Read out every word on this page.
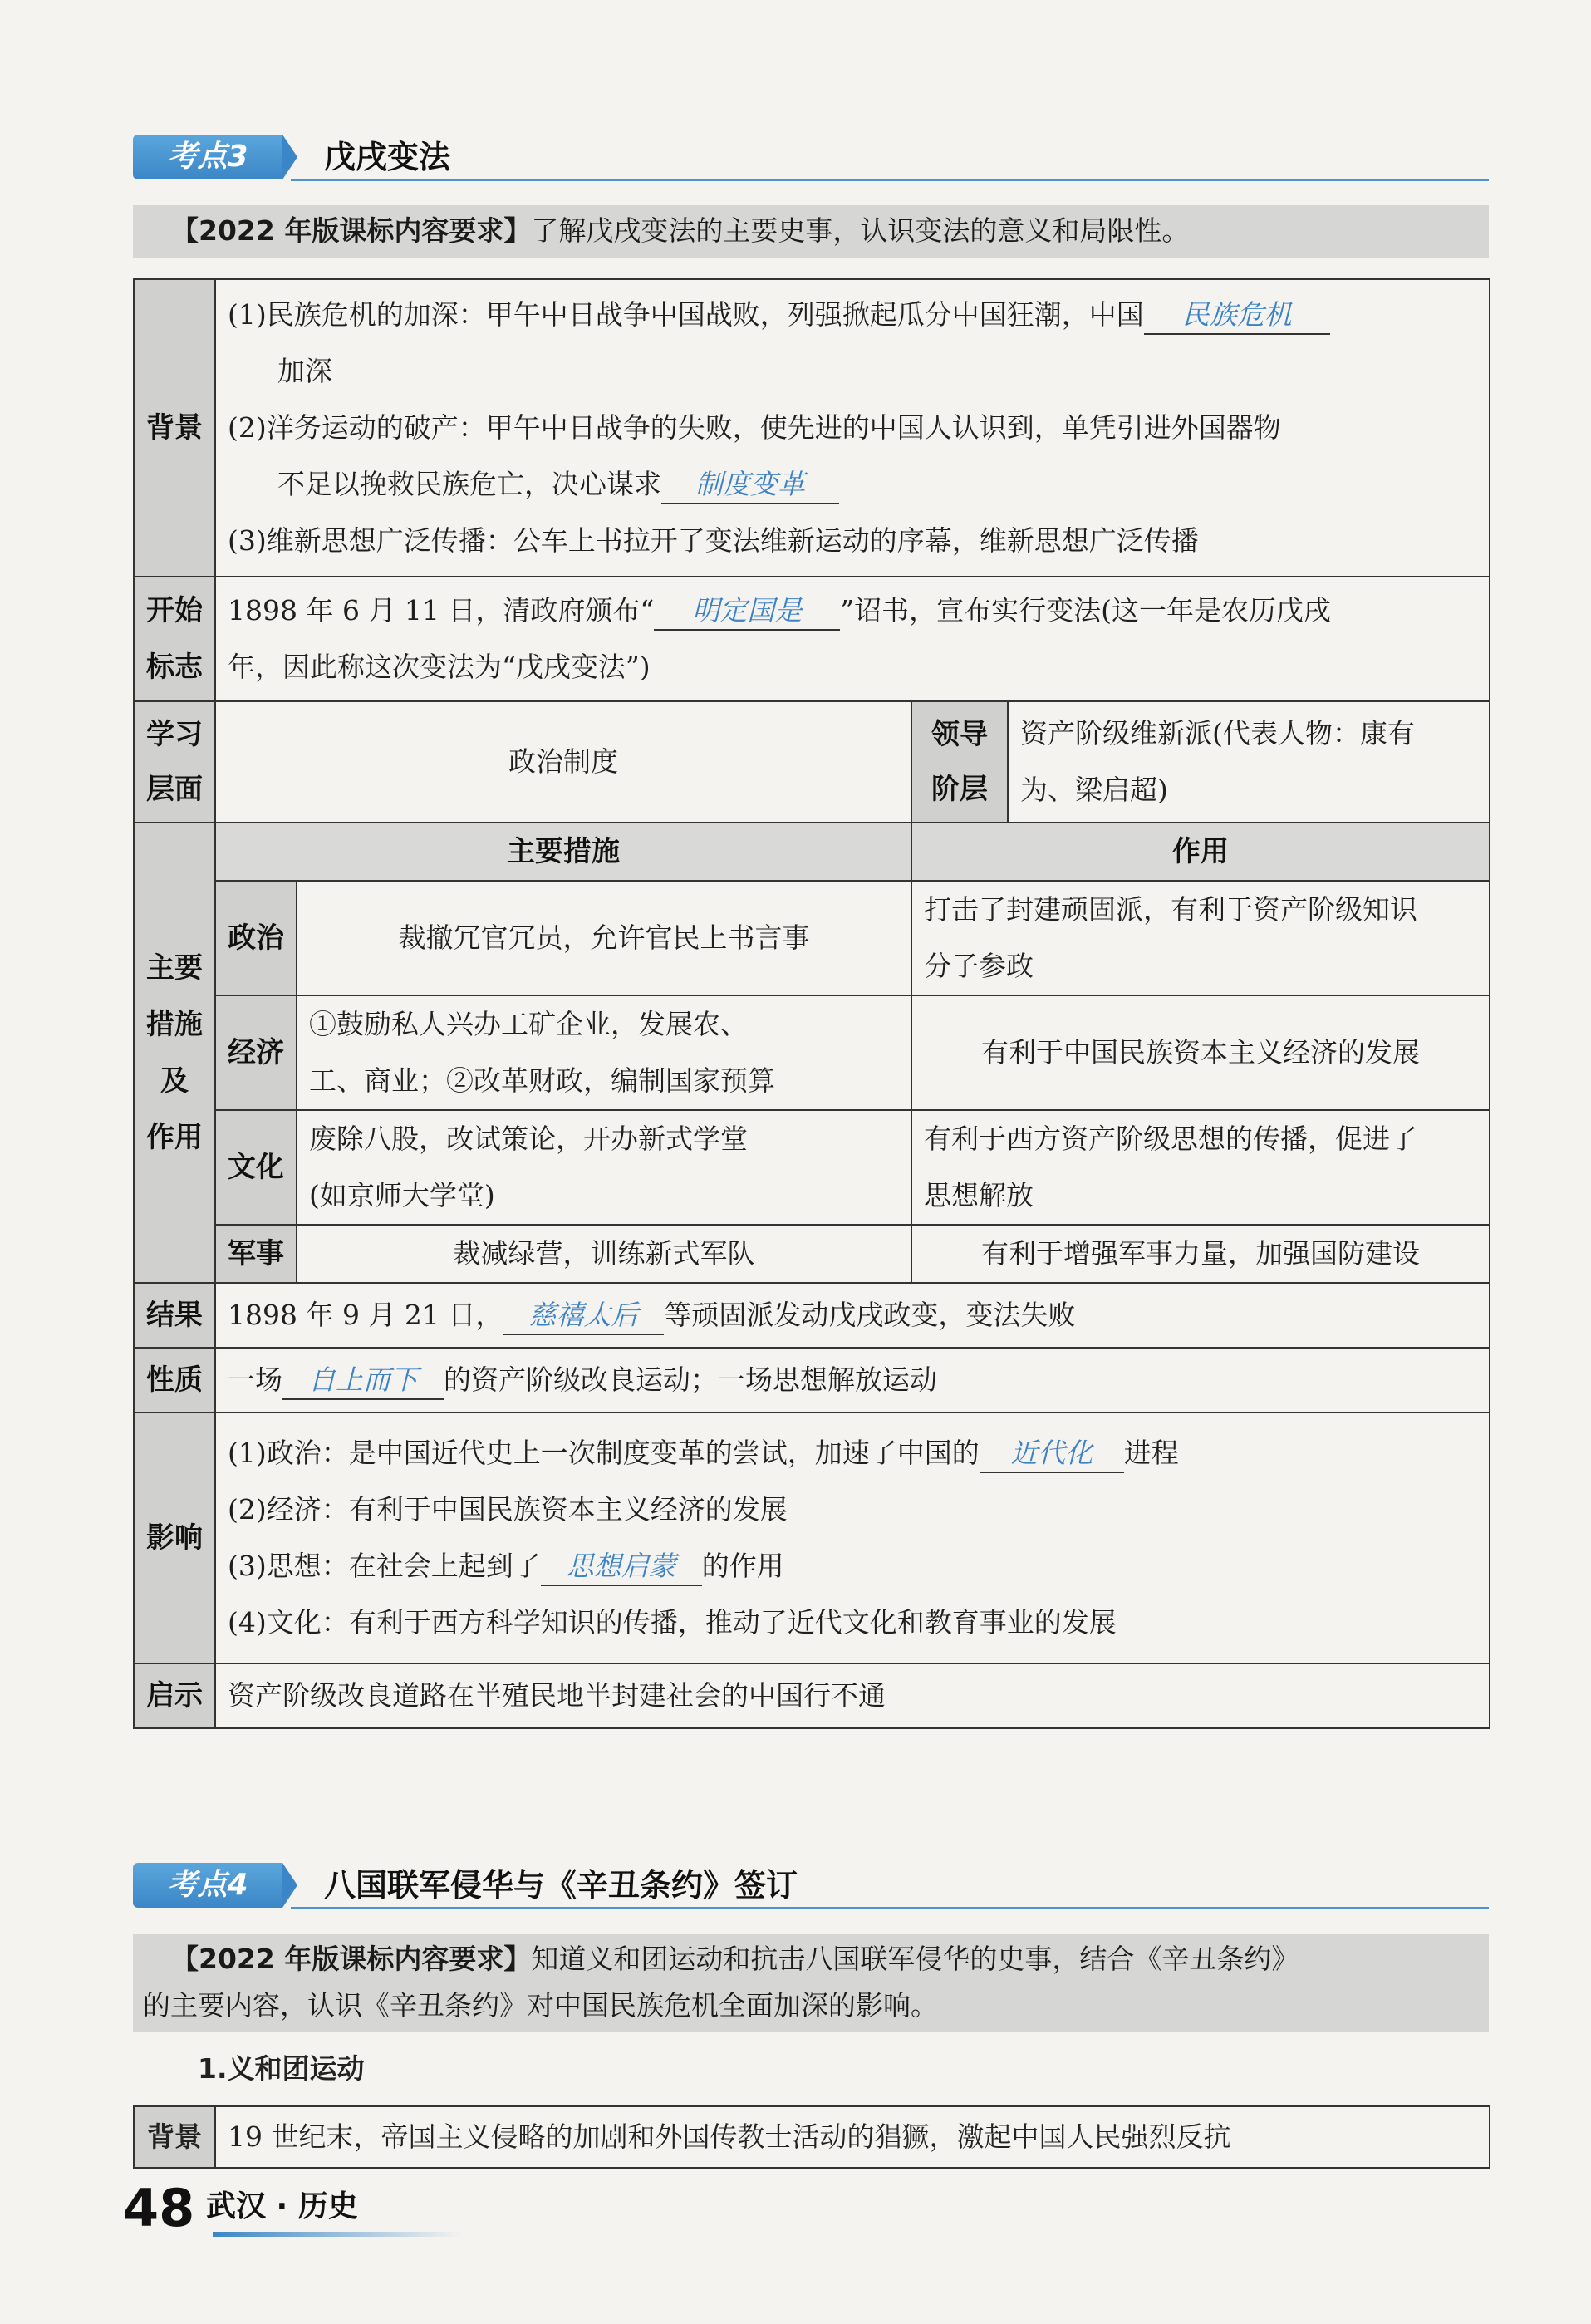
考点3	戊戌变法
【2022 年版课标内容要求】了解戊戌变法的主要史事，认识变法的意义和局限性。
背景	(1)民族危机的加深：甲午中日战争中国战败，列强掀起瓜分中国狂潮，中国 民族危机
加深
(2)洋务运动的破产：甲午中日战争的失败，使先进的中国人认识到，单凭引进外国器物
不足以挽救民族危亡，决心谋求 制度变革
(3)维新思想广泛传播：公车上书拉开了变法维新运动的序幕，维新思想广泛传播			

开始
标志	1898 年 6 月 11 日，清政府颁布“ 明定国是 ”诏书，宣布实行变法(这一年是农历戊戌
年，因此称这次变法为“戊戌变法”)			

学习
层面	政治制度		领导
阶层	资产阶级维新派(代表人物：康有
为、梁启超)

主要
措施
及
作用	主要措施		作用	
	政治	裁撤冗官冗员，允许官民上书言事	打击了封建顽固派，有利于资产阶级知识
分子参政	

	经济	①鼓励私人兴办工矿企业，发展农、
工、商业；②改革财政，编制国家预算	有利于中国民族资本主义经济的发展	
	文化	废除八股，改试策论，开办新式学堂
(如京师大学堂)	有利于西方资产阶级思想的传播，促进了
思想解放	

	军事	裁减绿营，训练新式军队	有利于增强军事力量，加强国防建设	
结果	1898 年 9 月 21 日， 慈禧太后 等顽固派发动戊戌政变，变法失败			
性质	一场 自上而下 的资产阶级改良运动；一场思想解放运动			
影响	(1)政治：是中国近代史上一次制度变革的尝试，加速了中国的 近代化 进程
(2)经济：有利于中国民族资本主义经济的发展
(3)思想：在社会上起到了 思想启蒙 的作用
(4)文化：有利于西方科学知识的传播，推动了近代文化和教育事业的发展			

启示	资产阶级改良道路在半殖民地半封建社会的中国行不通			
考点4	八国联军侵华与《辛丑条约》签订
【2022 年版课标内容要求】知道义和团运动和抗击八国联军侵华的史事，结合《辛丑条约》
的主要内容，认识《辛丑条约》对中国民族危机全面加深的影响。
1.义和团运动
背景	19 世纪末，帝国主义侵略的加剧和外国传教士活动的猖獗，激起中国人民强烈反抗
48 武汉 · 历史
